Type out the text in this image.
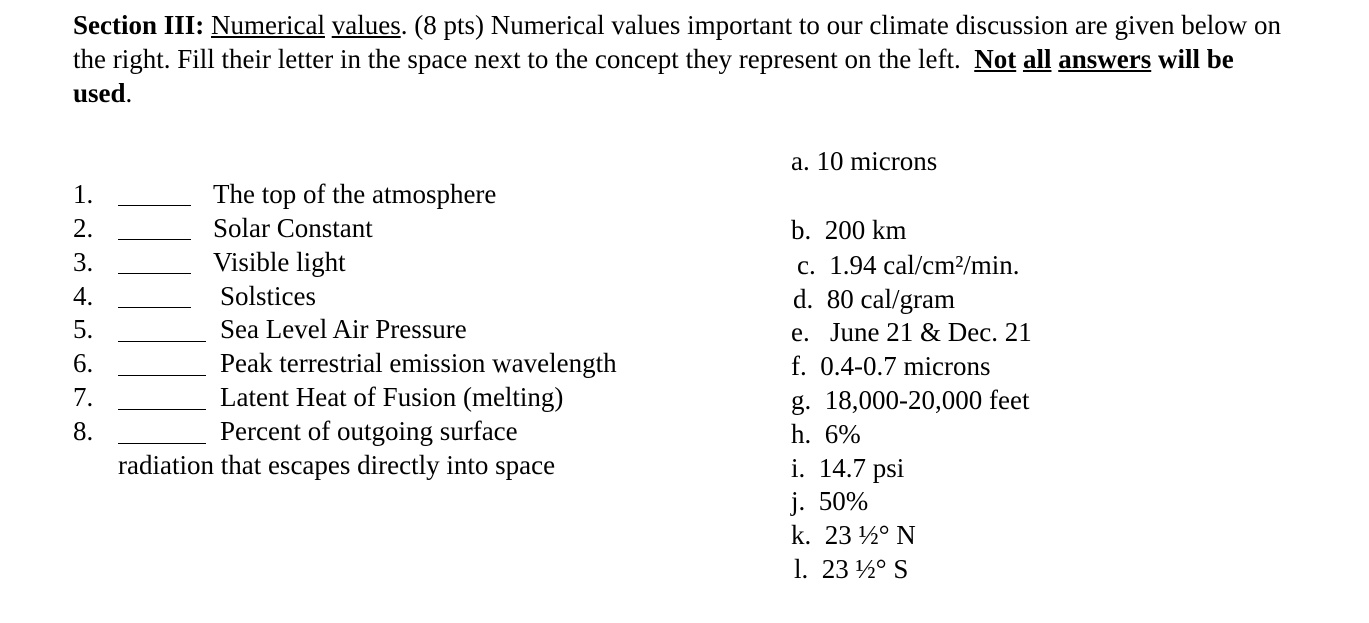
Section III: Numerical values. (8 pts) Numerical values important to our climate discussion are given below on the right. Fill their letter in the space next to the concept they represent on the left. Not all answers will be used.
1.	The top of the atmosphere
2.	Solar Constant
3.	Visible light
4.	Solstices
5.	Sea Level Air Pressure
6.	Peak terrestrial emission wavelength
7.	Latent Heat of Fusion (melting)
8.	Percent of outgoing surface
radiation that escapes directly into space
a. 10 microns
b. 200 km
c. 1.94 cal/cm²/min.
d. 80 cal/gram
e. June 21 & Dec. 21
f. 0.4-0.7 microns
g. 18,000-20,000 feet
h. 6%
i. 14.7 psi
j. 50%
k. 23 ½° N
l. 23 ½° S
